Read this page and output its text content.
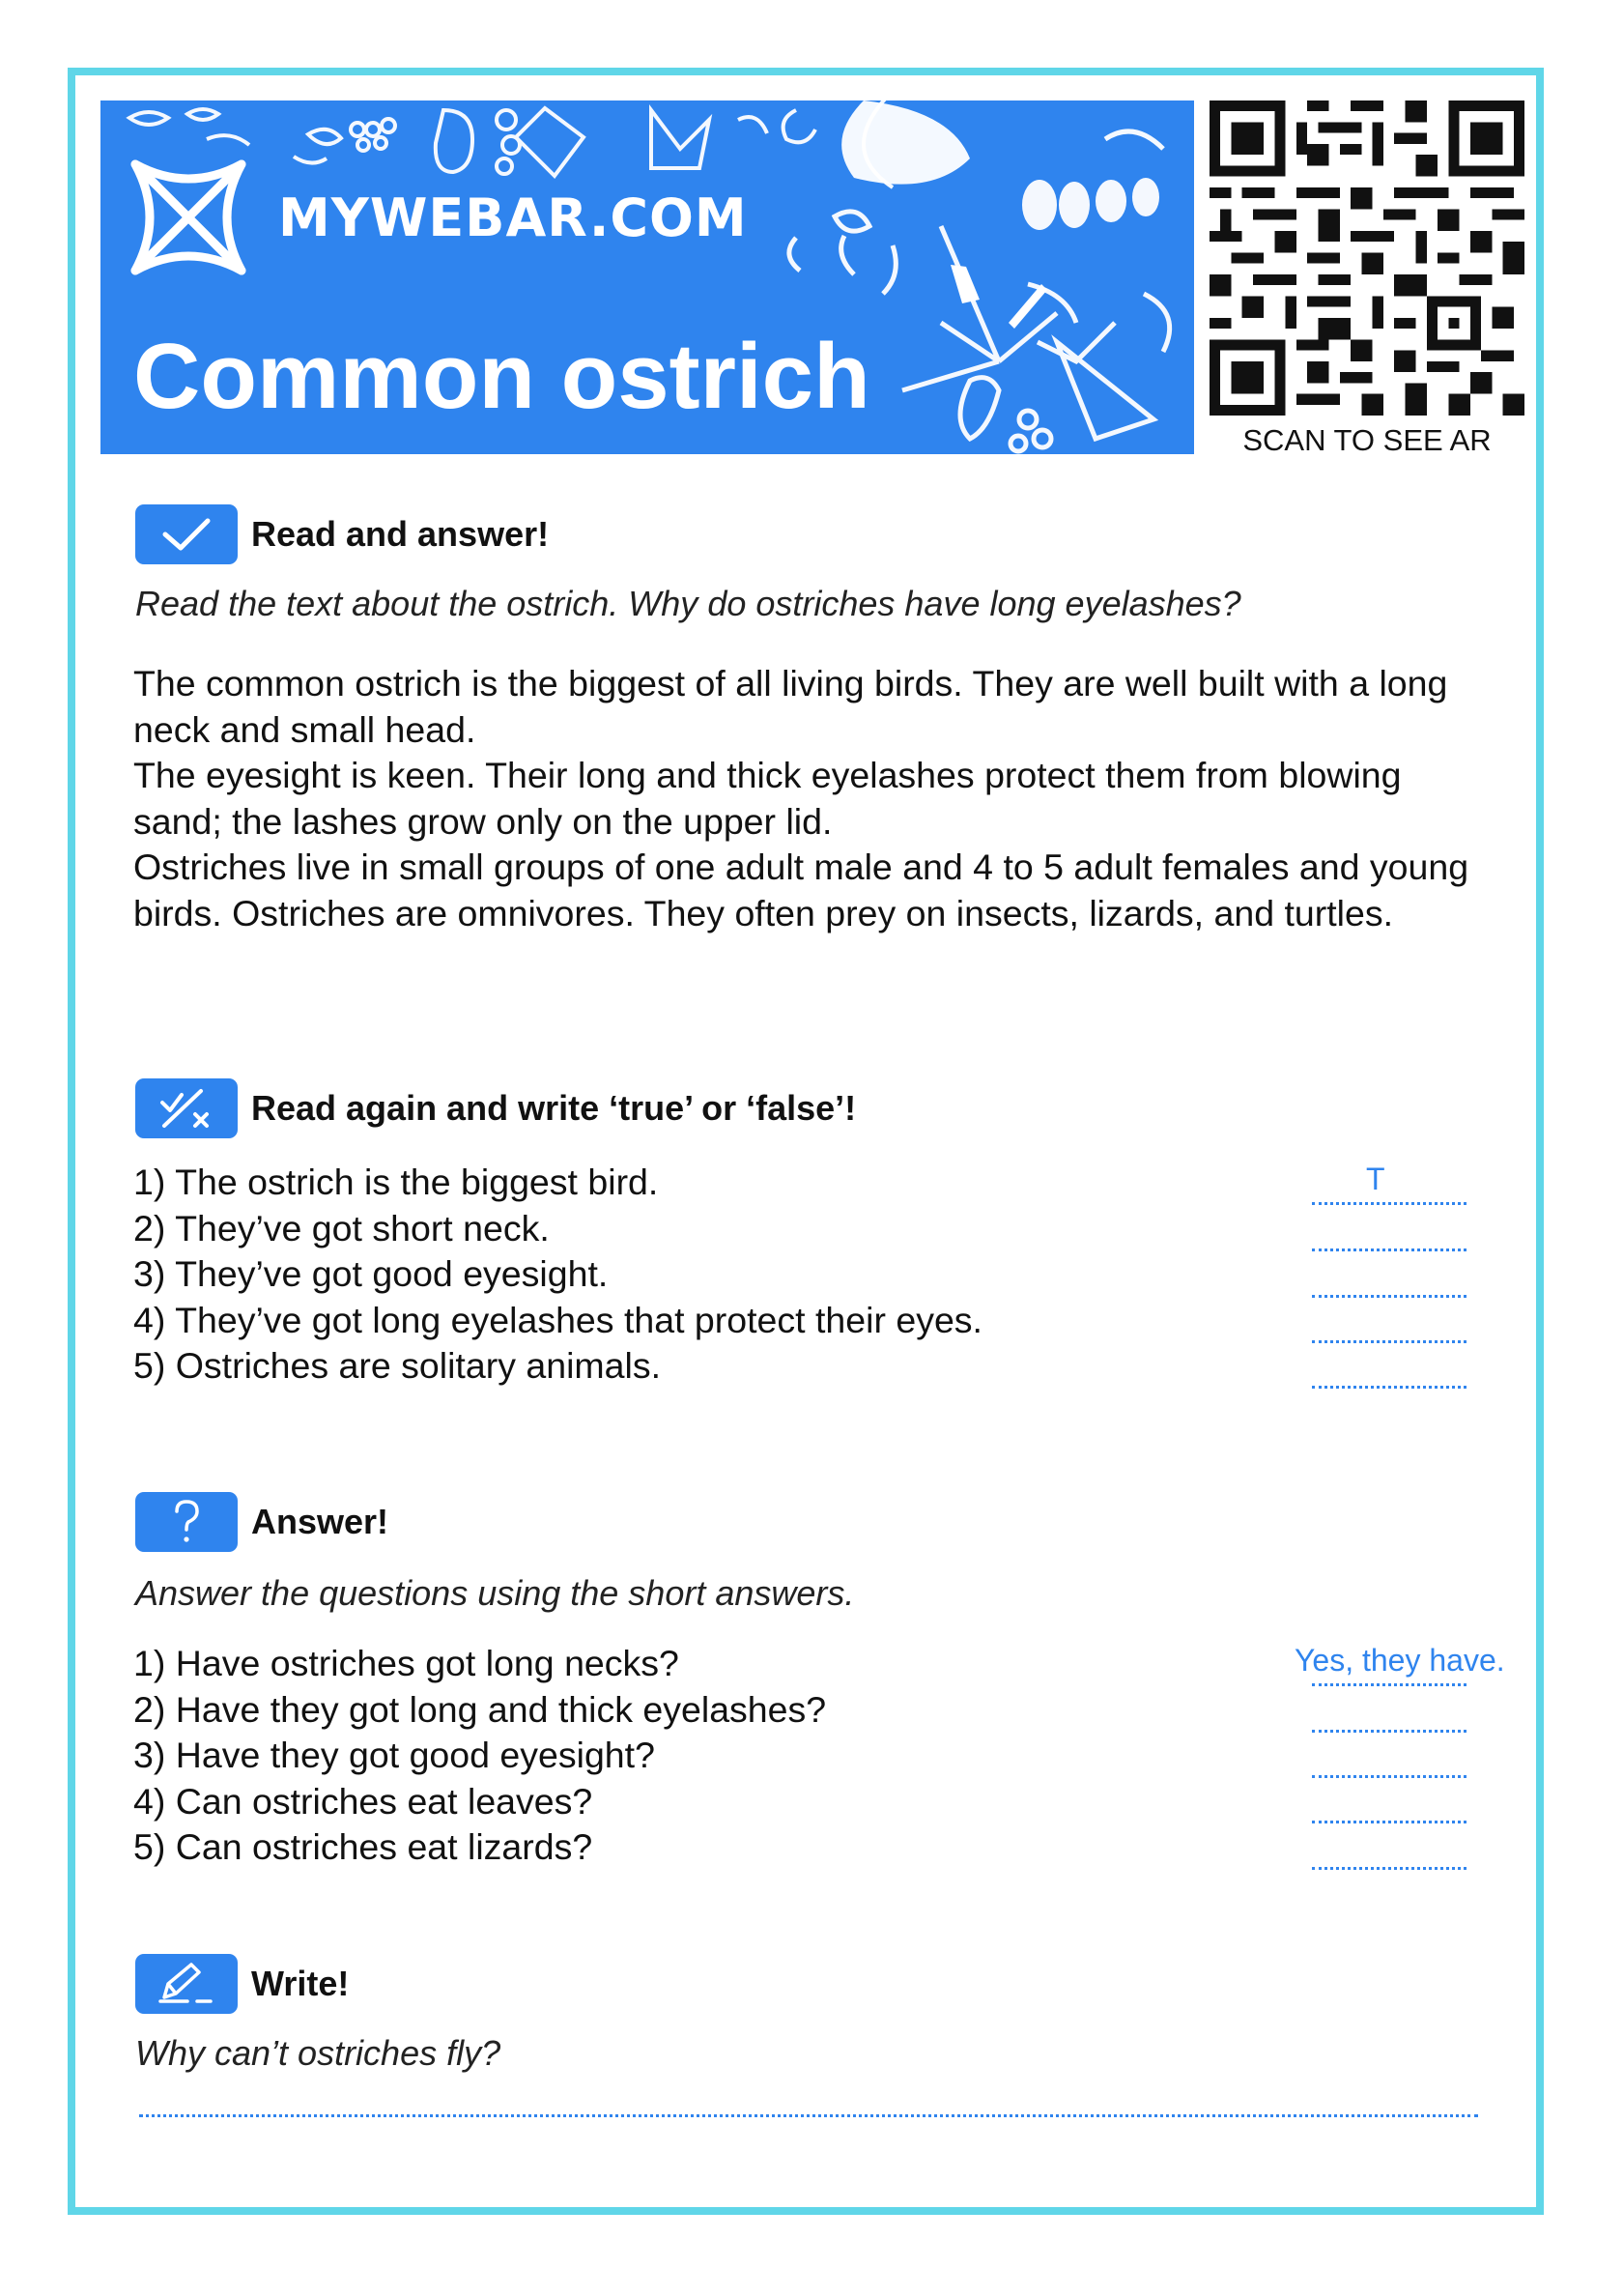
MYWEBAR.COM
Common ostrich
SCAN TO SEE AR
Read and answer!
Read the text about the ostrich. Why do ostriches have long eyelashes?

The common ostrich is the biggest of all living birds. They are well built with a long neck and small head.

The eyesight is keen. Their long and thick eyelashes protect them from blowing sand; the lashes grow only on the upper lid.

Ostriches live in small groups of one adult male and 4 to 5 adult females and young birds. Ostriches are omnivores. They often prey on insects, lizards, and turtles.

Read again and write ‘true’ or ‘false’!
1) The ostrich is the biggest bird.
2) They’ve got short neck.
3) They’ve got good eyesight.
4) They’ve got long eyelashes that protect their eyes.
5) Ostriches are solitary animals.
T
Answer!
Answer the questions using the short answers.
1) Have ostriches got long necks?
2) Have they got long and thick eyelashes?
3) Have they got good eyesight?
4) Can ostriches eat leaves?
5) Can ostriches eat lizards?
Yes, they have.
Write!
Why can’t ostriches fly?
